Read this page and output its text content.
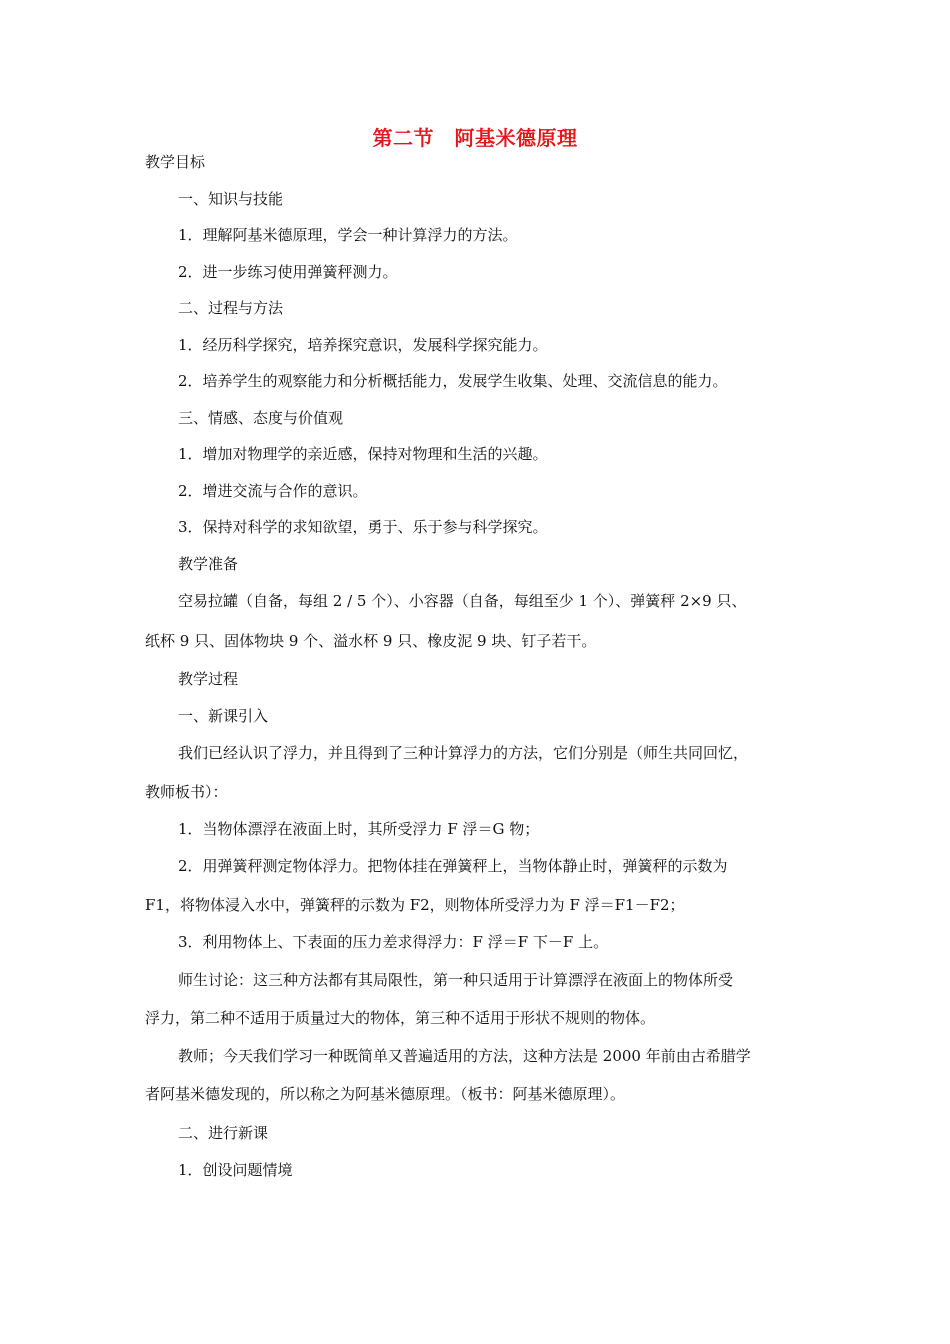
第二节　阿基米德原理
教学目标
一、知识与技能
1．理解阿基米德原理，学会一种计算浮力的方法。
2．进一步练习使用弹簧秤测力。
二、过程与方法
1．经历科学探究，培养探究意识，发展科学探究能力。
2．培养学生的观察能力和分析概括能力，发展学生收集、处理、交流信息的能力。
三、情感、态度与价值观
1．增加对物理学的亲近感，保持对物理和生活的兴趣。
2．增进交流与合作的意识。
3．保持对科学的求知欲望，勇于、乐于参与科学探究。
教学准备
空易拉罐（自备，每组 2 / 5 个）、小容器（自备，每组至少 1 个）、弹簧秤 2×9 只、
纸杯 9 只、固体物块 9 个、溢水杯 9 只、橡皮泥 9 块、钉子若干。
教学过程
一、新课引入
我们已经认识了浮力，并且得到了三种计算浮力的方法，它们分别是（师生共同回忆，
教师板书）：
1．当物体漂浮在液面上时，其所受浮力 F 浮＝G 物；
2．用弹簧秤测定物体浮力。把物体挂在弹簧秤上，当物体静止时，弹簧秤的示数为
F1，将物体浸入水中，弹簧秤的示数为 F2，则物体所受浮力为 F 浮＝F1－F2；
3．利用物体上、下表面的压力差求得浮力：F 浮＝F 下－F 上。
师生讨论：这三种方法都有其局限性，第一种只适用于计算漂浮在液面上的物体所受
浮力，第二种不适用于质量过大的物体，第三种不适用于形状不规则的物体。
教师；今天我们学习一种既简单又普遍适用的方法，这种方法是 2000 年前由古希腊学
者阿基米德发现的，所以称之为阿基米德原理。（板书：阿基米德原理）。
二、进行新课
1．创设问题情境
